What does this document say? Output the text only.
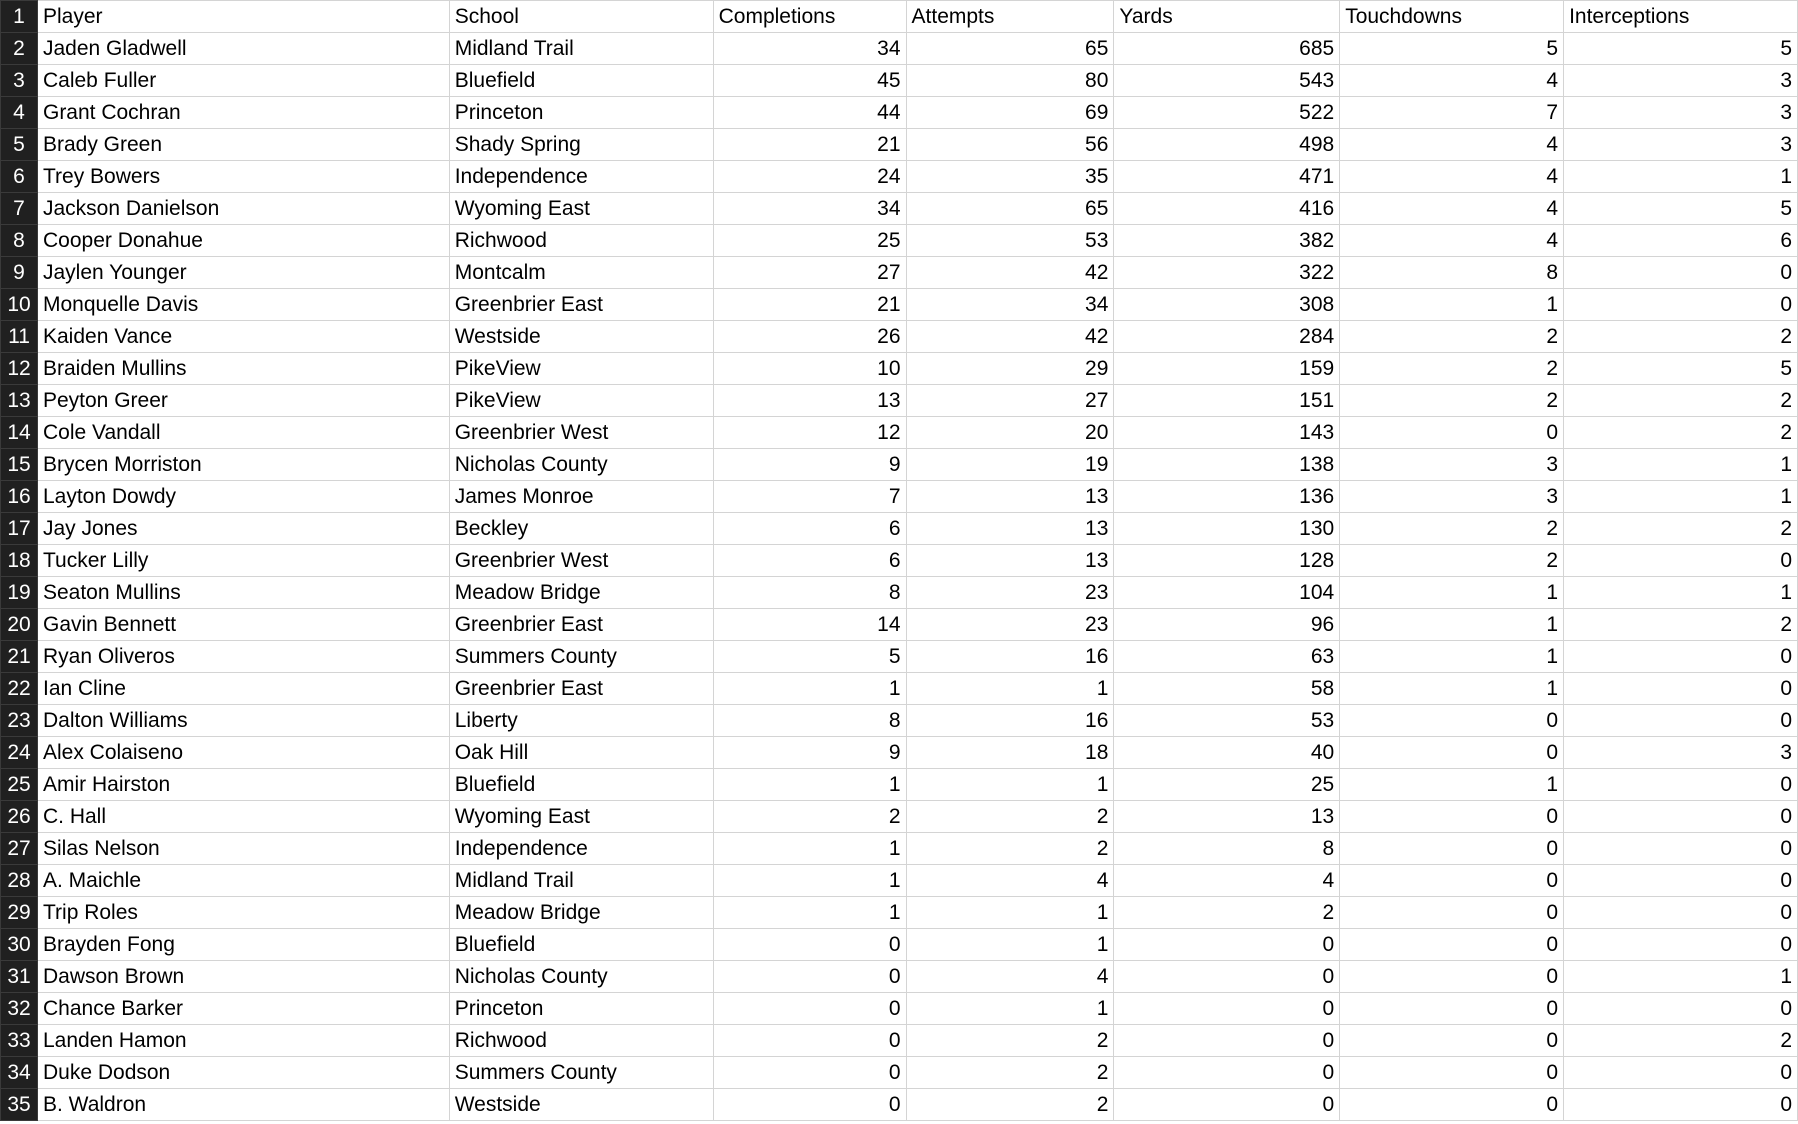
1	Player	School	Completions	Attempts	Yards	Touchdowns	Interceptions
2	Jaden Gladwell	Midland Trail	34	65	685	5	5
3	Caleb Fuller	Bluefield	45	80	543	4	3
4	Grant Cochran	Princeton	44	69	522	7	3
5	Brady Green	Shady Spring	21	56	498	4	3
6	Trey Bowers	Independence	24	35	471	4	1
7	Jackson Danielson	Wyoming East	34	65	416	4	5
8	Cooper Donahue	Richwood	25	53	382	4	6
9	Jaylen Younger	Montcalm	27	42	322	8	0
10	Monquelle Davis	Greenbrier East	21	34	308	1	0
11	Kaiden Vance	Westside	26	42	284	2	2
12	Braiden Mullins	PikeView	10	29	159	2	5
13	Peyton Greer	PikeView	13	27	151	2	2
14	Cole Vandall	Greenbrier West	12	20	143	0	2
15	Brycen Morriston	Nicholas County	9	19	138	3	1
16	Layton Dowdy	James Monroe	7	13	136	3	1
17	Jay Jones	Beckley	6	13	130	2	2
18	Tucker Lilly	Greenbrier West	6	13	128	2	0
19	Seaton Mullins	Meadow Bridge	8	23	104	1	1
20	Gavin Bennett	Greenbrier East	14	23	96	1	2
21	Ryan Oliveros	Summers County	5	16	63	1	0
22	Ian Cline	Greenbrier East	1	1	58	1	0
23	Dalton Williams	Liberty	8	16	53	0	0
24	Alex Colaiseno	Oak Hill	9	18	40	0	3
25	Amir Hairston	Bluefield	1	1	25	1	0
26	C. Hall	Wyoming East	2	2	13	0	0
27	Silas Nelson	Independence	1	2	8	0	0
28	A. Maichle	Midland Trail	1	4	4	0	0
29	Trip Roles	Meadow Bridge	1	1	2	0	0
30	Brayden Fong	Bluefield	0	1	0	0	0
31	Dawson Brown	Nicholas County	0	4	0	0	1
32	Chance Barker	Princeton	0	1	0	0	0
33	Landen Hamon	Richwood	0	2	0	0	2
34	Duke Dodson	Summers County	0	2	0	0	0
35	B. Waldron	Westside	0	2	0	0	0
